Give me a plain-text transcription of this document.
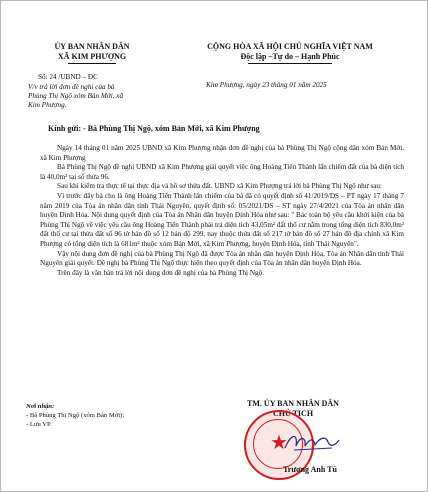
ỦY BAN NHÂN DÂN
XÃ KIM PHƯỢNG
CỘNG HÒA XÃ HỘI CHỦ NGHĨA VIỆT NAM
Độc lập –Tự do – Hạnh Phúc
Số: 24 /UBND – ĐC
V/v trả lời đơn đề nghị của bà
Phùng Thị Ngộ xóm Bản Mới, xã
Kim Phượng.
Kim Phượng, ngày 23 tháng 01 năm 2025
Kính gửi: - Bà Phùng Thị Ngộ, xóm Bản Mới, xã Kim Phượng

Ngày 14 tháng 01 năm 2025 UBND xã Kim Phượng nhận đơn đề nghị của bà Phùng Thị Ngộ công dân xóm Bản Mới, xã Kim Phượng

Bà Phùng Thị Ngộ đề nghị UBND xã Kim Phượng giải quyết việc ông Hoàng Tiến Thành lấn chiếm đất của bà diện tích là 40,0m² tại số thửa 96.

Sau khi kiểm tra thực tế tại thực địa và hồ sơ thửa đất. UBND xã Kim Phượng trả lời bà Phùng Thị Ngộ như sau:

Vì trước đây bà cho là ông Hoàng Tiến Thành lấn chiếm của bà đã có quyết định số 41/2019/DS – PT ngày 17 tháng 7 năm 2019 của Tòa án nhân dân tỉnh Thái Nguyên, quyết định số: 05/2021/DS – ST ngày 27/4/2021 của Tòa án nhân dân huyện Định Hóa. Nội dung quyết định của Tòa án Nhân dân huyện Định Hóa như sau: " Bác toàn bộ yêu cầu khởi kiện của bà Phùng Thị Ngộ về việc yêu cầu ông Hoàng Tiến Thành phải trả diện tích 43,05m² đất thổ cư nằm trong tổng diện tích 830,0m² đất thổ cư tại thửa đất số 96 tờ bản đồ số 12 bản đồ 299, nay thuộc thửa đất số 217 tờ bản đồ số 27 bản đồ địa chính xã Kim Phượng có tổng diện tích là 681m² thuộc xóm Bản Mới, xã Kim Phượng, huyện Định Hóa, tỉnh Thái Nguyên".

Vậy nội dung đơn đề nghị của bà Phùng Thị Ngộ đã được Tòa án nhân dân huyện Định Hóa, Tòa án Nhân dân tỉnh Thái Nguyên giải quyết. Đề nghị bà Phùng Thị Ngộ thực hiện theo quyết định của Tòa án nhân dân huyện Định Hóa.

Trên đây là văn bản trả lời nội dung đơn đề nghị của bà Phùng Thị Ngộ.

Nơi nhận:
- Bà Phùng Thị Ngộ (xóm Bản Mới);
- Lưu VP.
TM. ỦY BAN NHÂN DÂN
CHỦ TỊCH
★
Trương Anh Tú
